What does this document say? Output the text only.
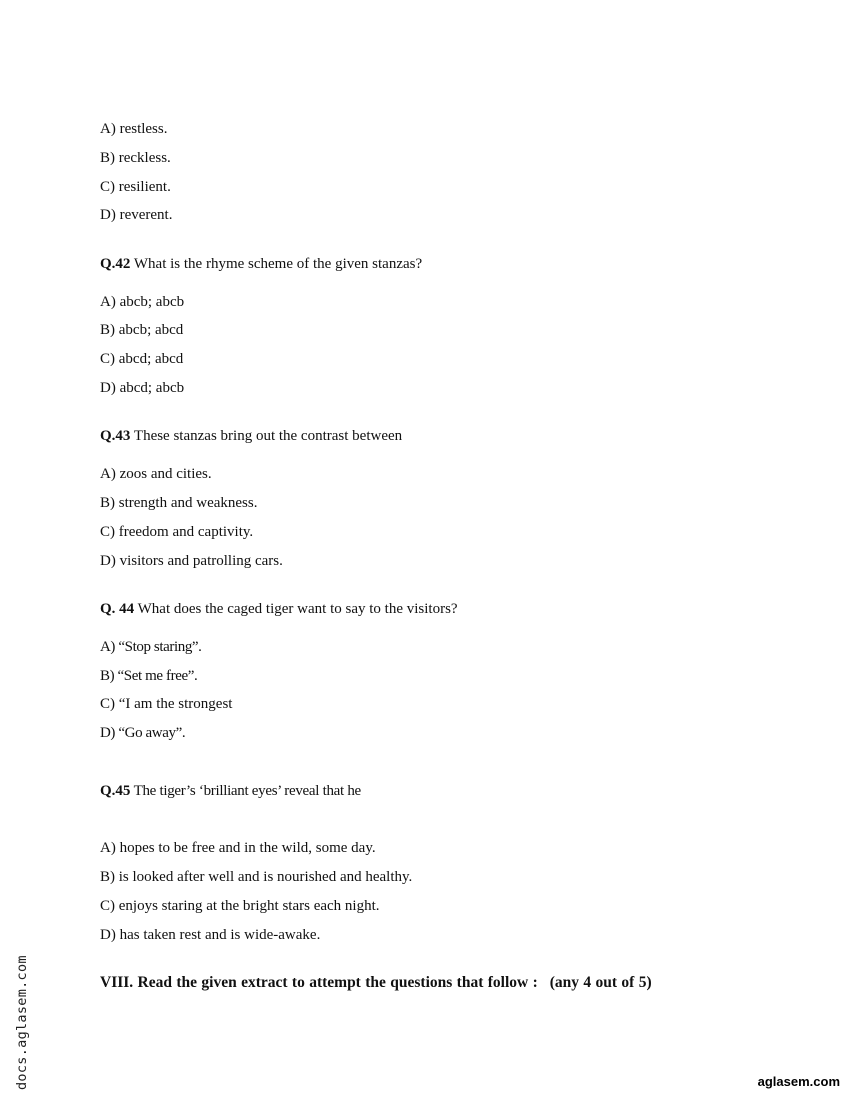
A) restless.
B) reckless.
C) resilient.
D) reverent.
Q.42 What is the rhyme scheme of the given stanzas?
A) abcb; abcb
B) abcb; abcd
C) abcd; abcd
D) abcd; abcb
Q.43 These stanzas bring out the contrast between
A) zoos and cities.
B) strength and weakness.
C) freedom and captivity.
D) visitors and patrolling cars.
Q. 44 What does the caged tiger want to say to the visitors?
A) “Stop staring”.
B) “Set me free”.
C) “I am the strongest
D) “Go away”.
Q.45 The tiger’s ‘brilliant eyes’ reveal that he
A) hopes to be free and in the wild, some day.
B) is looked after well and is nourished and healthy.
C) enjoys staring at the bright stars each night.
D) has taken rest and is wide-awake.
VIII. Read the given extract to attempt the questions that follow : (any 4 out of 5)
docs.aglasem.com	aglasem.com
